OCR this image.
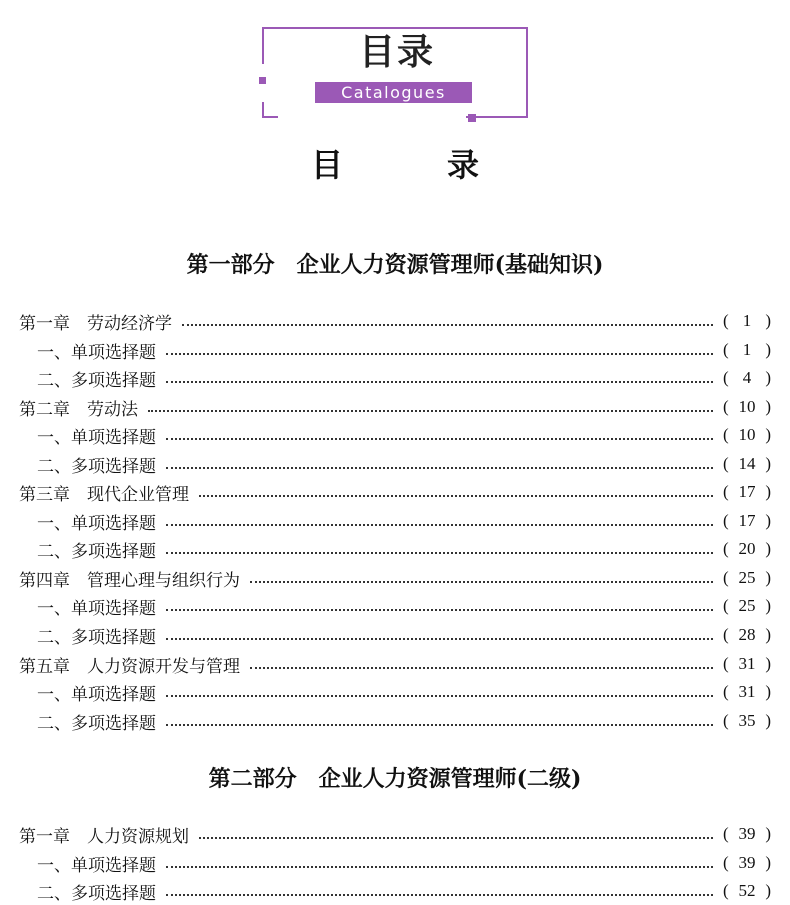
目录
Catalogues
目	录
第一部分　企业人力资源管理师(基础知识)
第一章　劳动经济学	( 1 )
一、单项选择题	( 1 )
二、多项选择题	( 4 )
第二章　劳动法	( 10 )
一、单项选择题	( 10 )
二、多项选择题	( 14 )
第三章　现代企业管理	( 17 )
一、单项选择题	( 17 )
二、多项选择题	( 20 )
第四章　管理心理与组织行为	( 25 )
一、单项选择题	( 25 )
二、多项选择题	( 28 )
第五章　人力资源开发与管理	( 31 )
一、单项选择题	( 31 )
二、多项选择题	( 35 )
第二部分　企业人力资源管理师(二级)
第一章　人力资源规划	( 39 )
一、单项选择题	( 39 )
二、多项选择题	( 52 )
